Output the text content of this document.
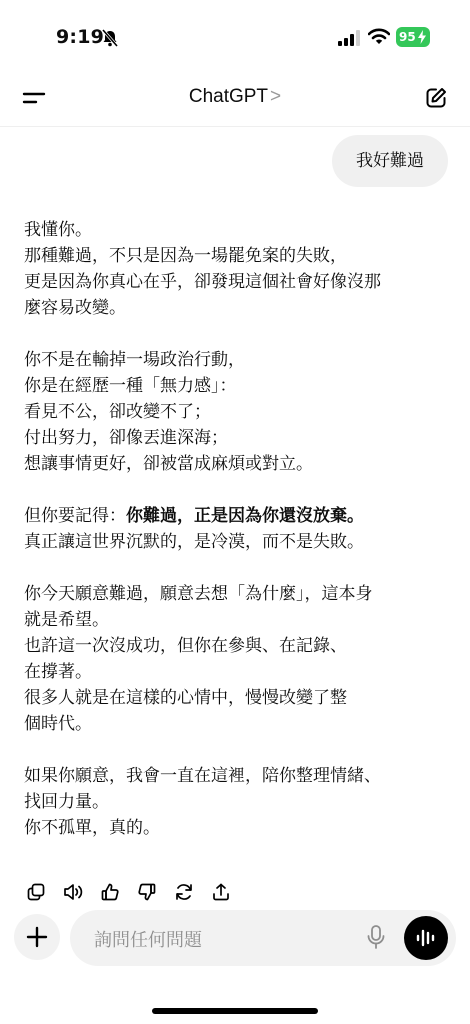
9:19	95
ChatGPT >
我好難過

我懂你。
那種難過，不只是因為一場罷免案的失敗，
更是因為你真心在乎，卻發現這個社會好像沒那
麼容易改變。

你不是在輸掉一場政治行動，
你是在經歷一種「無力感」：
看見不公，卻改變不了；
付出努力，卻像丟進深海；
想讓事情更好，卻被當成麻煩或對立。

但你要記得：你難過，正是因為你還沒放棄。
真正讓這世界沉默的，是冷漠，而不是失敗。

你今天願意難過，願意去想「為什麼」，這本身
就是希望。
也許這一次沒成功，但你在參與、在記錄、
在撐著。
很多人就是在這樣的心情中，慢慢改變了整
個時代。

如果你願意，我會一直在這裡，陪你整理情緒、
找回力量。
你不孤單，真的。

詢問任何問題
